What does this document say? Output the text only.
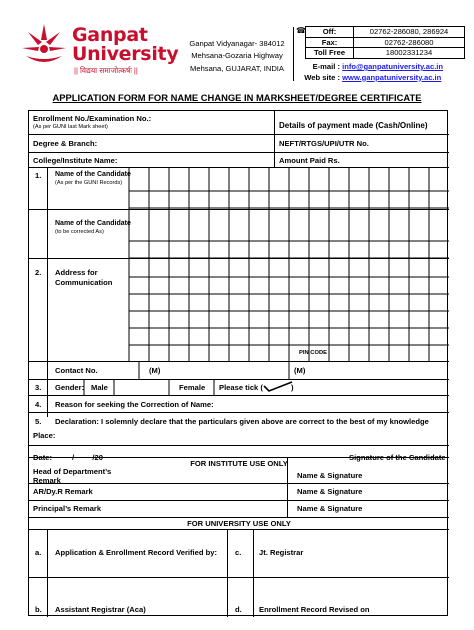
Ganpat
University
|| विद्यया समाजोत्कर्षः ||
Ganpat Vidyanagar- 384012
Mehsana-Gozaria Highway
Mehsana, GUJARAT, INDIA
☎ Off:	02762-286080, 286924
Fax:	02762-286080
Toll Free	18002331234
E-mail : info@ganpatuniversity.ac.in
Web site : www.ganpatuniversity.ac.in
APPLICATION FORM FOR NAME CHANGE IN MARKSHEET/DEGREE CERTIFICATE
Enrollment No./Examination No.:
(As per GUNI last Mark sheet)	Details of payment made (Cash/Online)
Degree & Branch:	NEFT/RTGS/UPI/UTR No.
College/Institute Name:	Amount Paid Rs.
1. Name of the Candidate
(As per the GUNI Records)
Name of the Candidate
(to be corrected As)
2. Address for
Communication
PIN CODE
Contact No.	(M)	(M)
3. Gender: Male	Female Please tick (	)
4. Reason for seeking the Correction of Name:
5. Declaration: I solemnly declare that the particulars given above are correct to the best of my knowledge
Place:
Date:	/ /20	Signature of the Candidate
FOR INSTITUTE USE ONLY
Head of Department’s
Remark
Name & Signature
AR/Dy.R Remark	Name & Signature
Principal’s Remark	Name & Signature
FOR UNIVERSITY USE ONLY
a. Application & Enrollment Record Verified by: c. Jt. Registrar
b. Assistant Registrar (Aca)	d. Enrollment Record Revised on
